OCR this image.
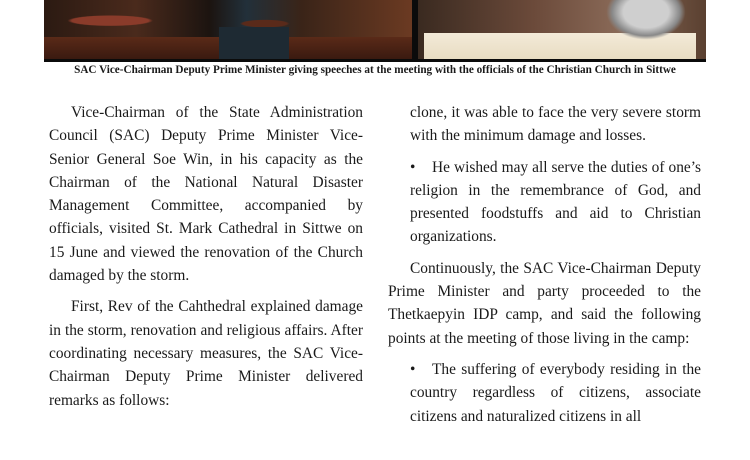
SAC Vice-Chairman Deputy Prime Minister giving speeches at the meeting with the officials of the Christian Church in Sittwe

Vice-Chairman of the State Administration Council (SAC) Deputy Prime Minister Vice-Senior General Soe Win, in his capacity as the Chairman of the National Natural Disaster Management Committee, accompanied by officials, visited St. Mark Cathedral in Sittwe on 15 June and viewed the renovation of the Church damaged by the storm.

First, Rev of the Cahthedral explained damage in the storm, renovation and religious affairs. After coordinating necessary measures, the SAC Vice-Chairman Deputy Prime Minister delivered remarks as follows:

clone, it was able to face the very severe storm with the minimum damage and losses.

• He wished may all serve the duties of one’s religion in the remembrance of God, and presented foodstuffs and aid to Christian organizations.

Continuously, the SAC Vice-Chairman Deputy Prime Minister and party proceeded to the Thetkaepyin IDP camp, and said the following points at the meeting of those living in the camp:

• The suffering of everybody residing in the country regardless of citizens, associate citizens and naturalized citizens in all
